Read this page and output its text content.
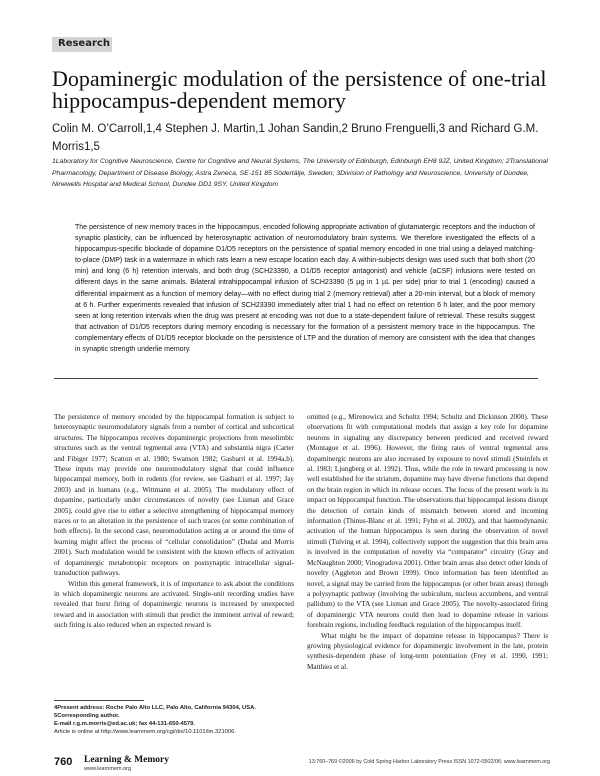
Research
Dopaminergic modulation of the persistence of one-trial hippocampus-dependent memory
Colin M. O’Carroll,1,4 Stephen J. Martin,1 Johan Sandin,2 Bruno Frenguelli,3 and Richard G.M. Morris1,5
1Laboratory for Cognitive Neuroscience, Centre for Cognitive and Neural Systems, The University of Edinburgh, Edinburgh EH8 9JZ, United Kingdom; 2Translational Pharmacology, Department of Disease Biology, Astra Zeneca, SE-151 85 Södertälje, Sweden; 3Division of Pathology and Neuroscience, University of Dundee, Ninewells Hospital and Medical School, Dundee DD1 9SY, United Kingdom
The persistence of new memory traces in the hippocampus, encoded following appropriate activation of glutamatergic receptors and the induction of synaptic plasticity, can be influenced by heterosynaptic activation of neuromodulatory brain systems. We therefore investigated the effects of a hippocampus-specific blockade of dopamine D1/D5 receptors on the persistence of spatial memory encoded in one trial using a delayed matching-to-place (DMP) task in a watermaze in which rats learn a new escape location each day. A within-subjects design was used such that both short (20 min) and long (6 h) retention intervals, and both drug (SCH23390, a D1/D5 receptor antagonist) and vehicle (aCSF) infusions were tested on different days in the same animals. Bilateral intrahippocampal infusion of SCH23390 (5 µg in 1 µL per side) prior to trial 1 (encoding) caused a differential impairment as a function of memory delay—with no effect during trial 2 (memory retrieval) after a 20-min interval, but a block of memory at 6 h. Further experiments revealed that infusion of SCH23390 immediately after trial 1 had no effect on retention 6 h later, and the poor memory seen at long retention intervals when the drug was present at encoding was not due to a state-dependent failure of retrieval. These results suggest that activation of D1/D5 receptors during memory encoding is necessary for the formation of a persistent memory trace in the hippocampus. The complementary effects of D1/D5 receptor blockade on the persistence of LTP and the duration of memory are consistent with the idea that changes in synaptic strength underlie memory.

The persistence of memory encoded by the hippocampal formation is subject to heterosynaptic neuromodulatory signals from a number of cortical and subcortical structures. The hippocampus receives dopaminergic projections from mesolimbic structures such as the ventral tegmental area (VTA) and substantia nigra (Carter and Fibiger 1977; Scatton et al. 1980; Swanson 1982; Gasbarri et al. 1994a,b). These inputs may provide one neuromodulatory signal that could influence hippocampal memory, both in rodents (for review, see Gasbarri et al. 1997; Jay 2003) and in humans (e.g., Wittmann et al. 2005). The modulatory effect of dopamine, particularly under circumstances of novelty (see Lisman and Grace 2005), could give rise to either a selective strengthening of hippocampal memory traces or to an alteration in the persistence of such traces (or some combination of both effects). In the second case, neuromodulation acting at or around the time of learning might affect the process of “cellular consolidation” (Dudai and Morris 2001). Such modulation would be consistent with the known effects of activation of dopaminergic metabotropic receptors on postsynaptic intracellular signal-transduction pathways.

Within this general framework, it is of importance to ask about the conditions in which dopaminergic neurons are activated. Single-unit recording studies have revealed that burst firing of dopaminergic neurons is increased by unexpected reward and in association with stimuli that predict the imminent arrival of reward; such firing is also reduced when an expected reward is

omitted (e.g., Mirenowicz and Schultz 1994; Schultz and Dickinson 2000). These observations fit with computational models that assign a key role for dopamine neurons in signaling any discrepancy between predicted and received reward (Montague et al. 1996). However, the firing rates of ventral tegmental area dopaminergic neurons are also increased by exposure to novel stimuli (Steinfels et al. 1983; Ljungberg et al. 1992). Thus, while the role in reward processing is now well established for the striatum, dopamine may have diverse functions that depend on the brain region in which its release occurs. The focus of the present work is its impact on hippocampal function. The observations that hippocampal lesions disrupt the detection of certain kinds of mismatch between stored and incoming information (Thinus-Blanc et al. 1991; Fyhn et al. 2002), and that haemodynamic activation of the human hippocampus is seen during the observation of novel stimuli (Tulving et al. 1994), collectively support the suggestion that this brain area is involved in the computation of novelty via “comparator” circuitry (Gray and McNaughton 2000; Vinogradova 2001). Other brain areas also detect other kinds of novelty (Aggleton and Brown 1999). Once information has been identified as novel, a signal may be carried from the hippocampus (or other brain areas) through a polysynaptic pathway (involving the subiculum, nucleus accumbens, and ventral pallidum) to the VTA (see Lisman and Grace 2005). The novelty-associated firing of dopaminergic VTA neurons could then lead to dopamine release in various forebrain regions, including feedback regulation of the hippocampus itself.

What might be the impact of dopamine release in hippocampus? There is growing physiological evidence for dopaminergic involvement in the late, protein synthesis-dependent phase of long-term potentiation (Frey et al. 1990, 1991; Matthies et al.

4Present address: Roche Palo Alto LLC, Palo Alto, California 94304, USA.
5Corresponding author.
E-mail r.g.m.morris@ed.ac.uk; fax 44-131-650-4579.
Article is online at http://www.learnmem.org/cgi/doi/10.1101/lm.321006.
760 Learning & Memory
www.learnmem.org
13:760–769 ©2006 by Cold Spring Harbor Laboratory Press ISSN 1072-0502/06; www.learnmem.org
